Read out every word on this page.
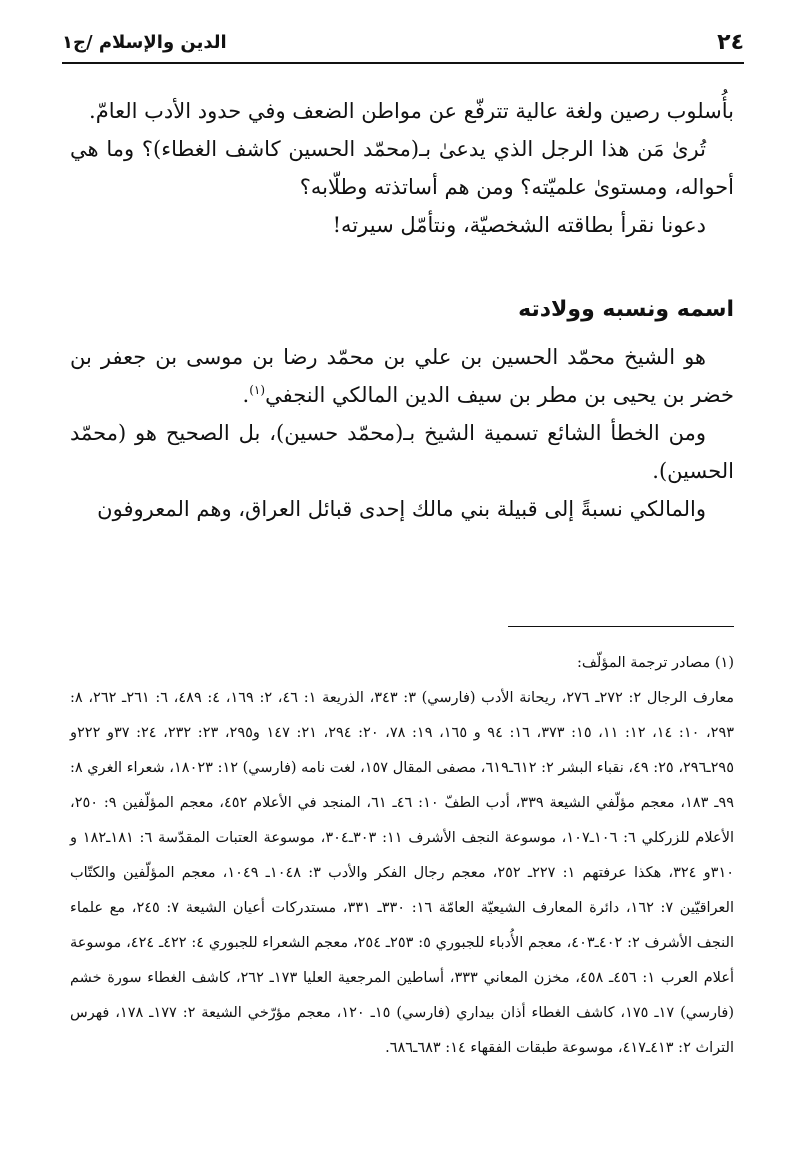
٢٤
الدين والإسلام /ج١

بأُسلوب رصين ولغة عالية تترفّع عن مواطن الضعف وفي حدود الأدب العامّ.

تُرىٰ مَن هذا الرجل الذي يدعىٰ بـ(محمّد الحسين كاشف الغطاء)؟ وما هي أحواله، ومستوىٰ علميّته؟ ومن هم أساتذته وطلّابه؟

دعونا نقرأ بطاقته الشخصيّة، ونتأمّل سيرته!

اسمه ونسبه وولادته

هو الشيخ محمّد الحسين بن علي بن محمّد رضا بن موسى بن جعفر بن خضر بن يحيى بن مطر بن سيف الدين المالكي النجفي$^{(١)}$.

ومن الخطأ الشائع تسمية الشيخ بـ(محمّد حسين)، بل الصحيح هو (محمّد الحسين).

والمالكي نسبةً إلى قبيلة بني مالك إحدى قبائل العراق، وهم المعروفون

(١) مصادر ترجمة المؤلّف:

معارف الرجال ٢: ٢٧٢ـ ٢٧٦، ريحانة الأدب (فارسي) ٣: ٣٤٣، الذريعة ١: ٤٦، ٢: ١٦٩، ٤: ٤٨٩، ٦: ٢٦١ـ ٢٦٢، ٨: ٢٩٣، ١٠: ١٤، ١٢: ١١، ١٥: ٣٧٣، ١٦: ٩٤ و ١٦٥، ١٩: ٧٨، ٢٠: ٢٩٤، ٢١: ١٤٧ و٢٩٥، ٢٣: ٢٣٢، ٢٤: ٣٧و ٢٢٢و ٢٩٥ـ٢٩٦، ٢٥: ٤٩، نقباء البشر ٢: ٦١٢ـ٦١٩، مصفى المقال ١٥٧، لغت نامه (فارسي) ١٢: ١٨٠٢٣، شعراء الغري ٨: ٩٩ـ ١٨٣، معجم مؤلّفي الشيعة ٣٣٩، أدب الطفّ ١٠: ٤٦ـ ٦١، المنجد في الأعلام ٤٥٢، معجم المؤلّفين ٩: ٢٥٠، الأعلام للزركلي ٦: ١٠٦ـ١٠٧، موسوعة النجف الأشرف ١١: ٣٠٣ـ٣٠٤، موسوعة العتبات المقدّسة ٦: ١٨١ـ١٨٢ و ٣١٠و ٣٢٤، هكذا عرفتهم ١: ٢٢٧ـ ٢٥٢، معجم رجال الفكر والأدب ٣: ١٠٤٨ـ ١٠٤٩، معجم المؤلّفين والكتّاب العراقيّين ٧: ١٦٢، دائرة المعارف الشيعيّة العامّة ١٦: ٣٣٠ـ ٣٣١، مستدركات أعيان الشيعة ٧: ٢٤٥، مع علماء النجف الأشرف ٢: ٤٠٢ـ٤٠٣، معجم الأُدباء للجبوري ٥: ٢٥٣ـ ٢٥٤، معجم الشعراء للجبوري ٤: ٤٢٢ـ ٤٢٤، موسوعة أعلام العرب ١: ٤٥٦ـ ٤٥٨، مخزن المعاني ٣٣٣، أساطين المرجعية العليا ١٧٣ـ ٢٦٢، كاشف الغطاء سورة خشم (فارسي) ١٧ـ ١٧٥، كاشف الغطاء أذان بيداري (فارسي) ١٥ـ ١٢٠، معجم مؤرّخي الشيعة ٢: ١٧٧ـ ١٧٨، فهرس التراث ٢: ٤١٣ـ٤١٧، موسوعة طبقات الفقهاء ١٤: ٦٨٣ـ٦٨٦.
